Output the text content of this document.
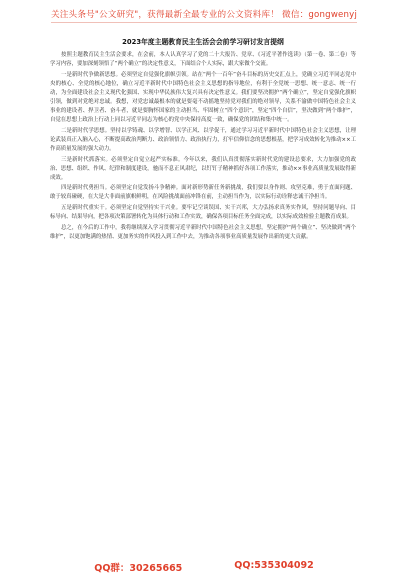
关注头条号"公文研究"，获得最新全最专业的公文资料库！ 微信：gongwenyj
2023年度主题教育民主生活会会前学习研讨发言提纲

按照主题教育民主生活会要求，在会前，本人认真学习了党的二十大报告、党章、《习近平著作选读》（第一卷、第二卷）等学习内容，要加深刻领悟了“两个确立”的决定性意义，下面结合个人实际，跟大家做个交流。

一是新时代争做新思想。必须坚定自觉强化旗帜引领。站在“两个一百年”奋斗目标的历史交汇点上，党确立习近平同志党中央的核心、全党的核心地位，确立习近平新时代中国特色社会主义思想的指导地位，有利于全党统一思想、统一意志、统一行动，为全面建设社会主义现代化强国、实现中华民族伟大复兴具有决定性意义。我们要坚决拥护“两个确立”，坚定自觉强化旗帜引领，做到对党绝对忠诚。我想，对党忠诚最根本的就是要毫不动摇地坚持党对我们的绝对领导，关系不渝做中国特色社会主义事业的建设者、捍卫者、奋斗者，就是要胸怀国家的主动担当、牢固树立“四个意识”，坚定“四个自信”，坚决做到“两个维护”，自觉在思想上政治上行动上同以习近平同志为核心的党中央保持高度一致，确保党的团结和集中统一。

二是新时代学思想。坚持以学铸魂、以学增智、以学正风、以学促干，通过学习习近平新时代中国特色社会主义思想，让理论武装真正入脑入心，不断提高政治判断力、政治领悟力、政治执行力，打牢信仰信念的思想根基，把学习成效转化为推动××工作高质量发展的强大动力。

三是新时代抓落实。必须坚定自觉立起严实标准。今年以来，我们认真贯彻落实新时代党的建设总要求，大力加强党的政治、思想、组织、作风、纪律和制度建设，驰而不息正风肃纪，以钉钉子精神抓好各项工作落实，推动××事业高质量发展取得新成效。

四是新时代勇担当。必须坚定自觉发扬斗争精神。面对新形势新任务新挑战，我们要以身作则、攻坚克难，勇于直面问题、敢于较真碰硬，在大是大非面前旗帜鲜明，在风险挑战面前冲锋在前，主动担当作为，以实际行动诠释忠诚干净担当。

五是新时代重实干。必须坚定自觉坚持实干兴业。要牢记空谈误国、实干兴邦，大力弘扬求真务实作风，坚持问题导向、目标导向、结果导向，把各项决策部署转化为具体行动和工作实效，确保各项目标任务全面完成，以实际成效检验主题教育成果。

总之，在今后的工作中，我将继续深入学习贯彻习近平新时代中国特色社会主义思想，坚定拥护“两个确立”、坚决做到“两个维护”，以更加饱满的热情、更加务实的作风投入到工作中去，为推动各项事业高质量发展作出新的更大贡献。

QQ群：30265665	QQ:535304092
